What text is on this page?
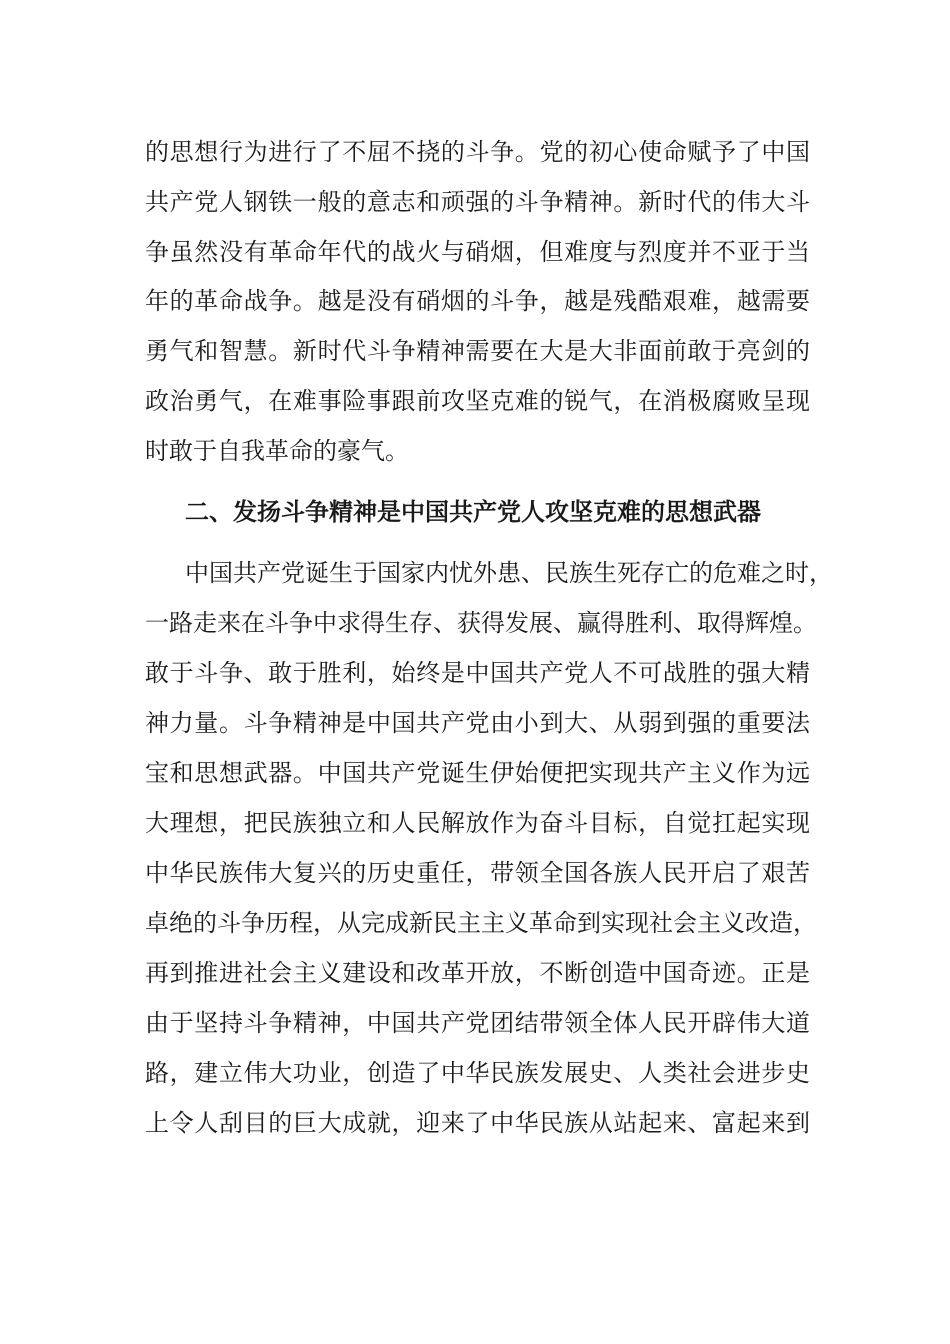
的思想行为进行了不屈不挠的斗争。党的初心使命赋予了中国
共产党人钢铁一般的意志和顽强的斗争精神。新时代的伟大斗
争虽然没有革命年代的战火与硝烟，但难度与烈度并不亚于当
年的革命战争。越是没有硝烟的斗争，越是残酷艰难，越需要
勇气和智慧。新时代斗争精神需要在大是大非面前敢于亮剑的
政治勇气，在难事险事跟前攻坚克难的锐气，在消极腐败呈现
时敢于自我革命的豪气。
二、发扬斗争精神是中国共产党人攻坚克难的思想武器
中国共产党诞生于国家内忧外患、民族生死存亡的危难之时，
一路走来在斗争中求得生存、获得发展、赢得胜利、取得辉煌。
敢于斗争、敢于胜利，始终是中国共产党人不可战胜的强大精
神力量。斗争精神是中国共产党由小到大、从弱到强的重要法
宝和思想武器。中国共产党诞生伊始便把实现共产主义作为远
大理想，把民族独立和人民解放作为奋斗目标，自觉扛起实现
中华民族伟大复兴的历史重任，带领全国各族人民开启了艰苦
卓绝的斗争历程，从完成新民主主义革命到实现社会主义改造，
再到推进社会主义建设和改革开放，不断创造中国奇迹。正是
由于坚持斗争精神，中国共产党团结带领全体人民开辟伟大道
路，建立伟大功业，创造了中华民族发展史、人类社会进步史
上令人刮目的巨大成就，迎来了中华民族从站起来、富起来到
